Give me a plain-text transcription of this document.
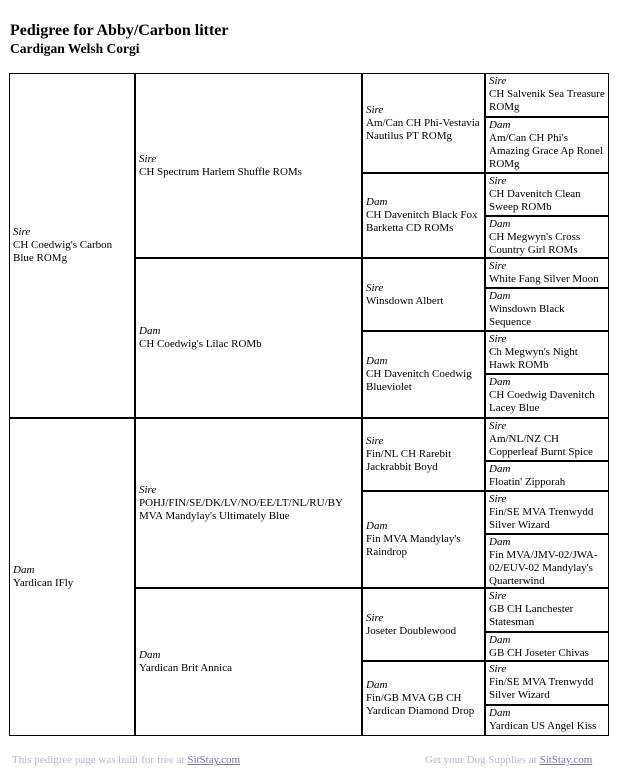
Pedigree for Abby/Carbon litter
Cardigan Welsh Corgi
Sire
CH Coedwig's Carbon Blue ROMg
Dam
Yardican IFly
Sire
CH Spectrum Harlem Shuffle ROMs
Dam
CH Coedwig's Lilac ROMb
Sire
POHJ/FIN/SE/DK/LV/NO/EE/LT/NL/RU/BY MVA Mandylay's Ultimately Blue
Dam
Yardican Brit Annica
Sire
Am/Can CH Phi-Vestavia Nautilus PT ROMg
Dam
CH Davenitch Black Fox Barketta CD ROMs
Sire
Winsdown Albert
Dam
CH Davenitch Coedwig Blueviolet
Sire
Fin/NL CH Rarebit Jackrabbit Boyd
Dam
Fin MVA Mandylay's Raindrop
Sire
Joseter Doublewood
Dam
Fin/GB MVA GB CH Yardican Diamond Drop
Sire
CH Salvenik Sea Treasure ROMg
Dam
Am/Can CH Phi's Amazing Grace Ap Ronel ROMg
Sire
CH Davenitch Clean Sweep ROMb
Dam
CH Megwyn's Cross Country Girl ROMs
Sire
White Fang Silver Moon
Dam
Winsdown Black Sequence
Sire
Ch Megwyn's Night Hawk ROMb
Dam
CH Coedwig Davenitch Lacey Blue
Sire
Am/NL/NZ CH Copperleaf Burnt Spice
Dam
Floatin' Zipporah
Sire
Fin/SE MVA Trenwydd Silver Wizard
Dam
Fin MVA/JMV-02/JWA-02/EUV-02 Mandylay's Quarterwind
Sire
GB CH Lanchester Statesman
Dam
GB CH Joseter Chivas
Sire
Fin/SE MVA Trenwydd Silver Wizard
Dam
Yardican US Angel Kiss
This pedigree page was built for free at SitStay.com	Get your Dog Supplies at SitStay.com
